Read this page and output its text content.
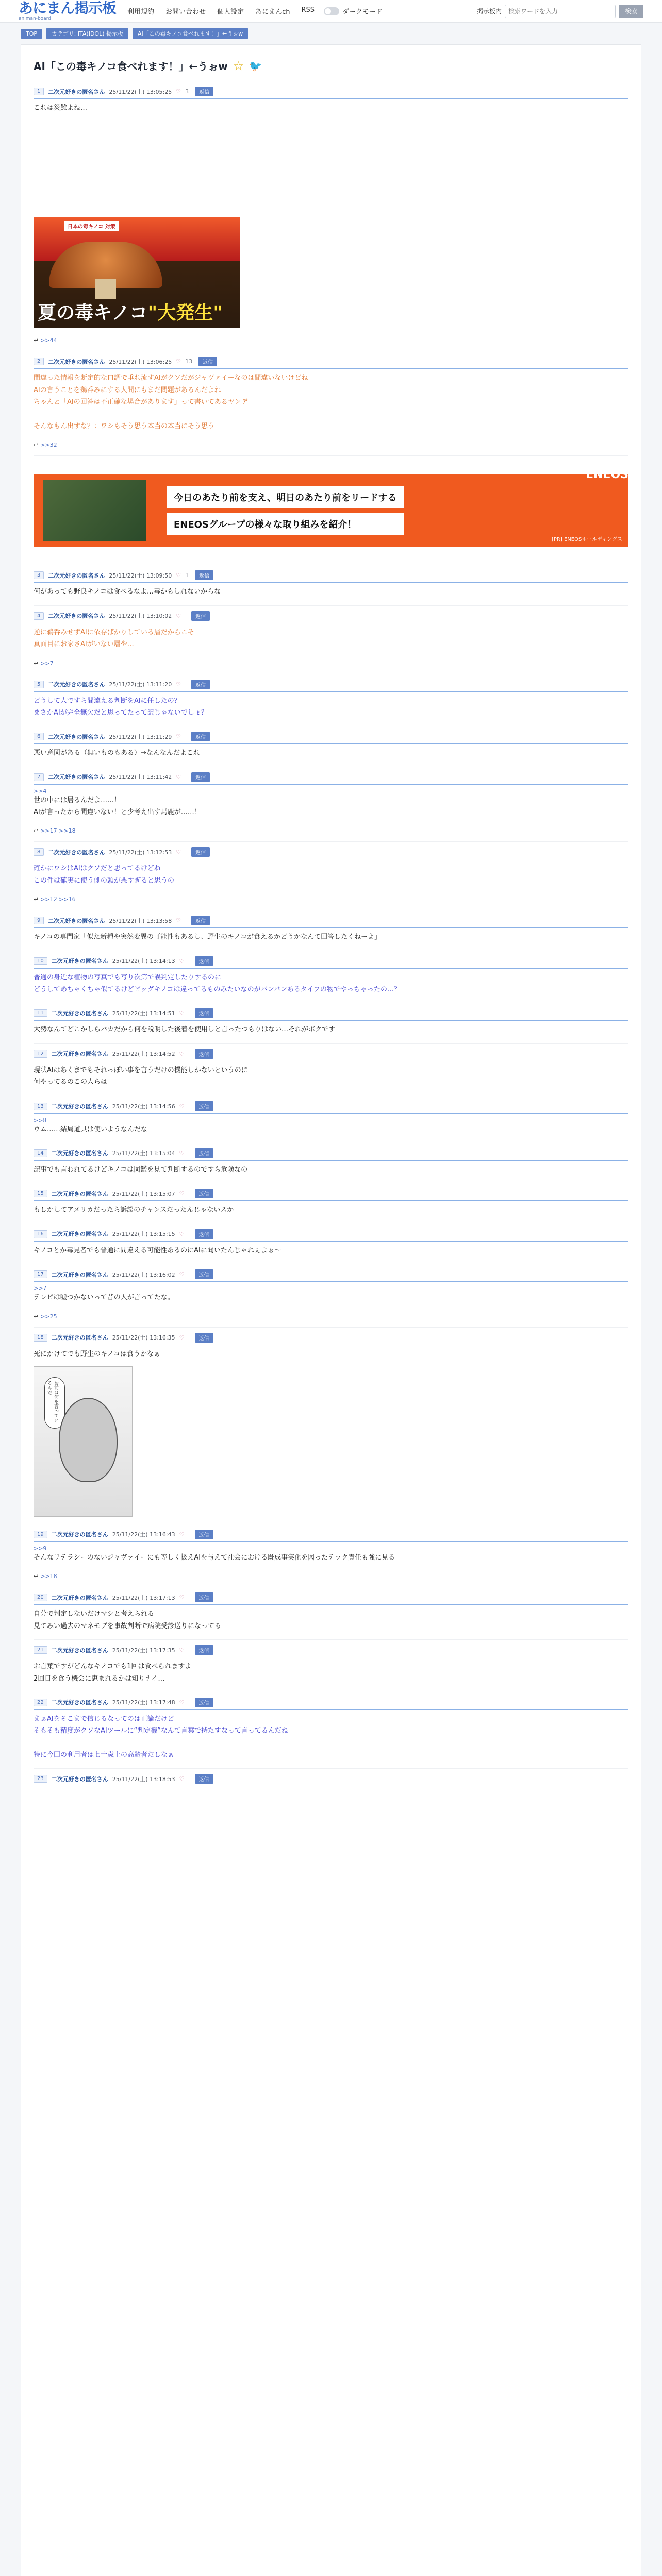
あにまん掲示板
animan-board
利用規約 お問い合わせ 個人設定 あにまんch RSS	ダークモード	掲示板内
検索ワードを入力	検索
TOP	カテゴリ: ITA(IDOL) 掲示板	AI「この毒キノコ食べれます！」←うぉw
AI「この毒キノコ食べれます！」←うぉw ☆ 🐦
1	二次元好きの匿名さん 25/11/22(土) 13:05:25 ♡ 3	返信
これは災難よね…
日本の毒キノコ 対策
夏の毒キノコ"大発生"
↩ >>44
2	二次元好きの匿名さん 25/11/22(土) 13:06:25 ♡ 13	返信
間違った情報を断定的な口調で垂れ流すAIがクソだがジャヴァイーなのは間違いないけどね
AIの言うことを鵜呑みにする人間にもまだ問題があるんだよね
ちゃんと「AIの回答は不正確な場合があります」って書いてあるヤンデ

そんなもん出すな？：ワシもそう思う本当の本当にそう思う
↩ >>32
今日のあたり前を支え、明日のあたり前をリードする
ENEOSグループの様々な取り組みを紹介！
ENEOS
[PR] ENEOSホールディングス
3	二次元好きの匿名さん 25/11/22(土) 13:09:50 ♡ 1	返信
何があっても野良キノコは食べるなよ…毒かもしれないからな
4	二次元好きの匿名さん 25/11/22(土) 13:10:02 ♡	返信
逆に鵜呑みせずAIに依存ばかりしている層だからこそ
真面目にお家さAIがいない層や…
↩ >>7
5	二次元好きの匿名さん 25/11/22(土) 13:11:20 ♡	返信
どうして人ですら間違える判断をAIに任したの？
まさかAIが完全無欠だと思ってたって訳じゃないでしょ？
6	二次元好きの匿名さん 25/11/22(土) 13:11:29 ♡	返信
悪い意図がある（無いものもある）→なんなんだよこれ
7	二次元好きの匿名さん 25/11/22(土) 13:11:42 ♡	返信
>>4
世の中には居るんだよ……！
AIが言ったから間違いない！と少考え出す馬鹿が……！
↩ >>17 >>18
8	二次元好きの匿名さん 25/11/22(土) 13:12:53 ♡	返信
確かにワシはAIはクソだと思ってるけどね
この件は確実に使う側の頭が悪すぎると思うの
↩ >>12 >>16
9	二次元好きの匿名さん 25/11/22(土) 13:13:58 ♡	返信
キノコの専門家「似た新種や突然変異の可能性もあるし、野生のキノコが食えるかどうかなんて回答したくねーよ」
10	二次元好きの匿名さん 25/11/22(土) 13:14:13 ♡	返信
普通の身近な植物の写真でも写り次第で誤判定したりするのに
どうしてめちゃくちゃ似てるけどビッグキノコは違ってるものみたいなのがバンバンあるタイプの物でやっちゃったの…？
11	二次元好きの匿名さん 25/11/22(土) 13:14:51 ♡	返信
大勢なんてどこかしらバカだから何を説明した後着を使用しと言ったつもりはない…それがボクです
12	二次元好きの匿名さん 25/11/22(土) 13:14:52 ♡	返信
現状AIはあくまでもそれっぽい事を言うだけの機能しかないというのに
何やってるのこの人らは
13	二次元好きの匿名さん 25/11/22(土) 13:14:56 ♡	返信
>>8
ウム……結局道具は使いようなんだな
14	二次元好きの匿名さん 25/11/22(土) 13:15:04 ♡	返信
記事でも言われてるけどキノコは図鑑を見て判断するのですら危険なの
15	二次元好きの匿名さん 25/11/22(土) 13:15:07 ♡	返信
もしかしてアメリカだったら訴訟のチャンスだったんじゃないスか
16	二次元好きの匿名さん 25/11/22(土) 13:15:15 ♡	返信
キノコとか毒見者でも普通に間違える可能性あるのにAIに聞いたんじゃねぇよぉ～
17	二次元好きの匿名さん 25/11/22(土) 13:16:02 ♡	返信
>>7
テレビは嘘つかないって昔の人が言ってたな。
↩ >>25
18	二次元好きの匿名さん 25/11/22(土) 13:16:35 ♡	返信
死にかけてでも野生のキノコは食うかなぁ
お前は何を言っているんだ
19	二次元好きの匿名さん 25/11/22(土) 13:16:43 ♡	返信
>>9
そんなリテラシーのないジャヴァイーにも等しく扱えAIを与えて社会における既成事実化を図ったテック責任も強に見る
↩ >>18
20	二次元好きの匿名さん 25/11/22(土) 13:17:13 ♡	返信
自分で判定しないだけマシと考えられる
見てみい過去のマネモブを事故判断で病院受診送りになってる
21	二次元好きの匿名さん 25/11/22(土) 13:17:35 ♡	返信
お言葉ですがどんなキノコでも1回は食べられますよ
2回目を食う機会に恵まれるかは知りナイ…
22	二次元好きの匿名さん 25/11/22(土) 13:17:48 ♡	返信
まぁAIをそこまで信じるなってのは正論だけど
そもそも精度がクソなAIツールに“判定機”なんて言葉で持たすなって言ってるんだね

特に今回の利用者は七十歳上の高齢者だしなぁ
23	二次元好きの匿名さん 25/11/22(土) 13:18:53 ♡	返信
